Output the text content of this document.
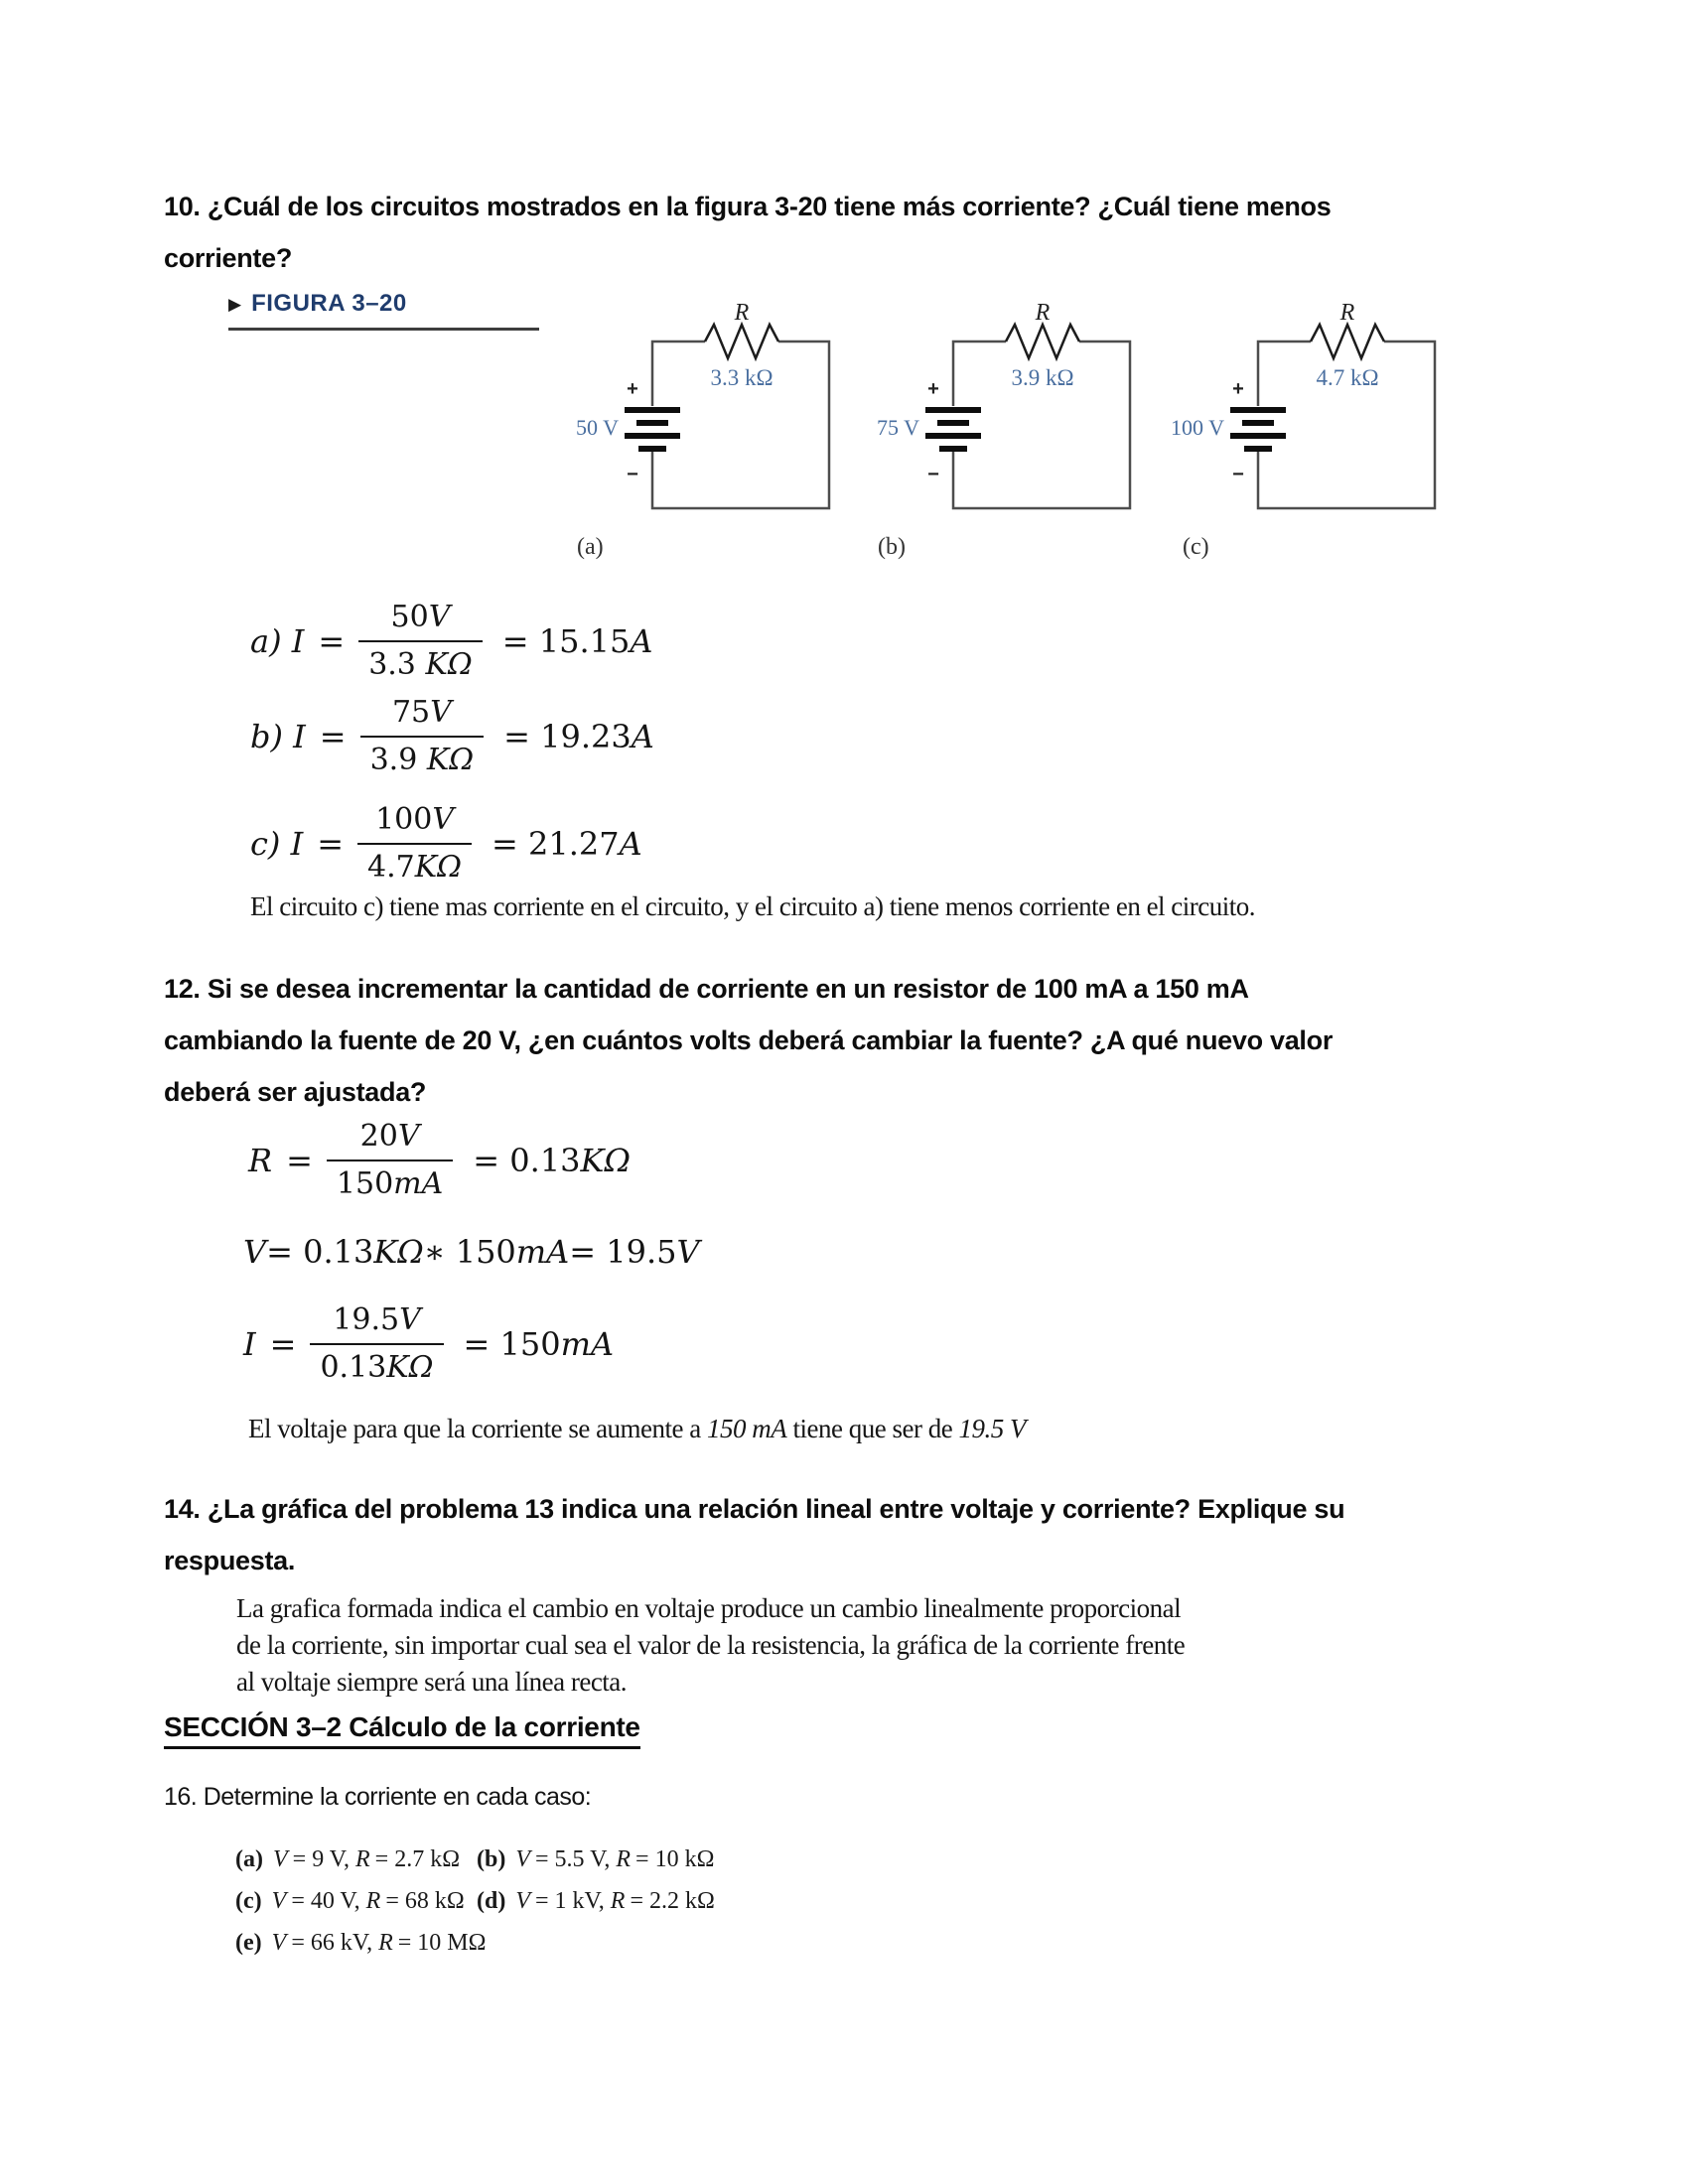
10. ¿Cuál de los circuitos mostrados en la figura 3-20 tiene más corriente? ¿Cuál tiene menos
corriente?
▶ FIGURA 3–20	R
3.3 kΩ
50 V
+
−
(a)
R
3.9 kΩ
75 V
+
−
(b)
R
4.7 kΩ
100 V
+
−
(c)
a) $I = \frac{50V}{3.3 K\Omega} = 15.15A$
b) $I = \frac{75V}{3.9 K\Omega} = 19.23A$
c) $I = \frac{100V}{4.7K\Omega} = 21.27A$
El circuito c) tiene mas corriente en el circuito, y el circuito a) tiene menos corriente en el circuito.
12. Si se desea incrementar la cantidad de corriente en un resistor de 100 mA a 150 mA
cambiando la fuente de 20 V, ¿en cuántos volts deberá cambiar la fuente? ¿A qué nuevo valor
deberá ser ajustada?
$R = \frac{20V}{150mA} = 0.13K\Omega$
V = 0.13 KΩ ∗ 150 mA = 19.5 V
$I = \frac{19.5V}{0.13K\Omega} = 150mA$
El voltaje para que la corriente se aumente a 150 mA tiene que ser de 19.5 V
14. ¿La gráfica del problema 13 indica una relación lineal entre voltaje y corriente? Explique su
respuesta.
La grafica formada indica el cambio en voltaje produce un cambio linealmente proporcional
de la corriente, sin importar cual sea el valor de la resistencia, la gráfica de la corriente frente
al voltaje siempre será una línea recta.
SECCIÓN 3–2 Cálculo de la corriente
16. Determine la corriente en cada caso:
(a) V = 9 V, R = 2.7 kΩ (b) V = 5.5 V, R = 10 kΩ
(c) V = 40 V, R = 68 kΩ (d) V = 1 kV, R = 2.2 kΩ
(e) V = 66 kV, R = 10 MΩ
